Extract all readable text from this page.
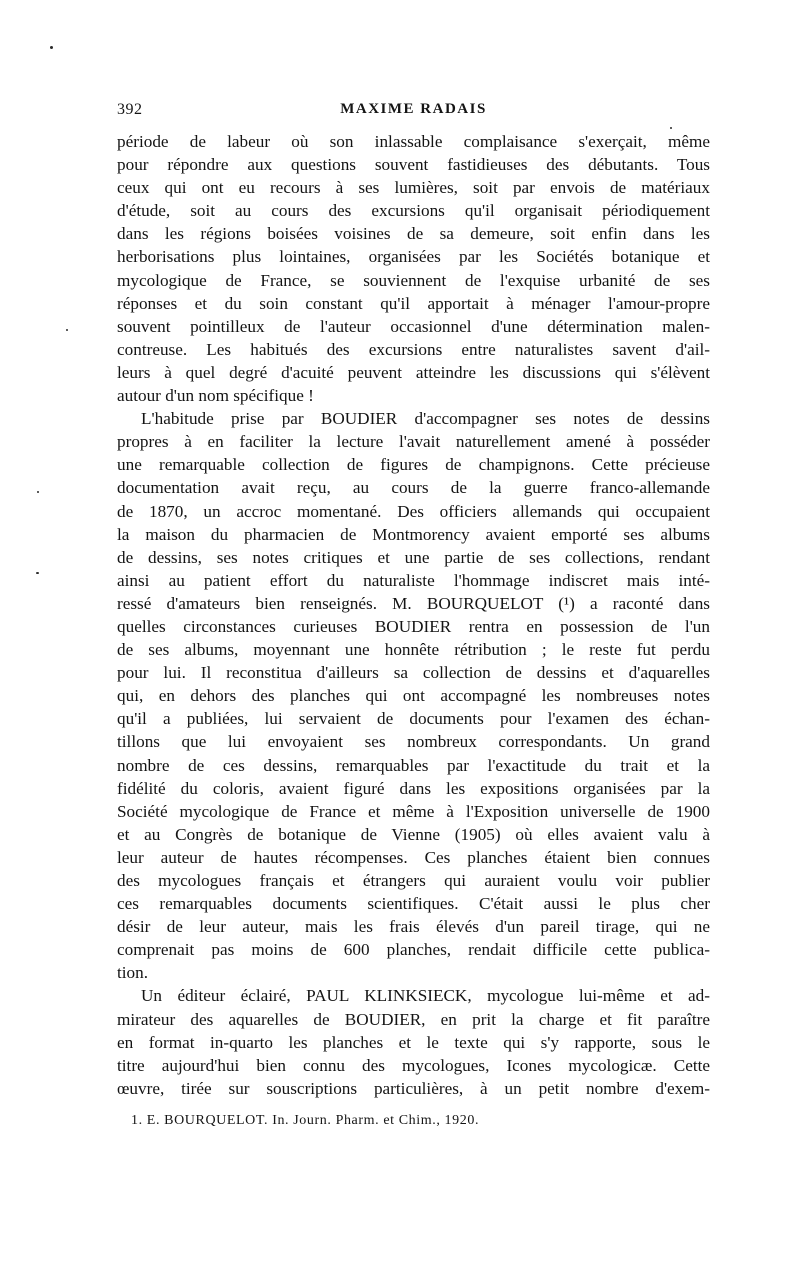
392	MAXIME RADAIS
période de labeur où son inlassable complaisance s'exerçait, même
pour répondre aux questions souvent fastidieuses des débutants. Tous
ceux qui ont eu recours à ses lumières, soit par envois de matériaux
d'étude, soit au cours des excursions qu'il organisait périodiquement
dans les régions boisées voisines de sa demeure, soit enfin dans les
herborisations plus lointaines, organisées par les Sociétés botanique et
mycologique de France, se souviennent de l'exquise urbanité de ses
réponses et du soin constant qu'il apportait à ménager l'amour-propre
souvent pointilleux de l'auteur occasionnel d'une détermination malen-
contreuse. Les habitués des excursions entre naturalistes savent d'ail-
leurs à quel degré d'acuité peuvent atteindre les discussions qui s'élèvent
autour d'un nom spécifique !
L'habitude prise par BOUDIER d'accompagner ses notes de dessins
propres à en faciliter la lecture l'avait naturellement amené à posséder
une remarquable collection de figures de champignons. Cette précieuse
documentation avait reçu, au cours de la guerre franco-allemande
de 1870, un accroc momentané. Des officiers allemands qui occupaient
la maison du pharmacien de Montmorency avaient emporté ses albums
de dessins, ses notes critiques et une partie de ses collections, rendant
ainsi au patient effort du naturaliste l'hommage indiscret mais inté-
ressé d'amateurs bien renseignés. M. BOURQUELOT (¹) a raconté dans
quelles circonstances curieuses BOUDIER rentra en possession de l'un
de ses albums, moyennant une honnête rétribution ; le reste fut perdu
pour lui. Il reconstitua d'ailleurs sa collection de dessins et d'aquarelles
qui, en dehors des planches qui ont accompagné les nombreuses notes
qu'il a publiées, lui servaient de documents pour l'examen des échan-
tillons que lui envoyaient ses nombreux correspondants. Un grand
nombre de ces dessins, remarquables par l'exactitude du trait et la
fidélité du coloris, avaient figuré dans les expositions organisées par la
Société mycologique de France et même à l'Exposition universelle de 1900
et au Congrès de botanique de Vienne (1905) où elles avaient valu à
leur auteur de hautes récompenses. Ces planches étaient bien connues
des mycologues français et étrangers qui auraient voulu voir publier
ces remarquables documents scientifiques. C'était aussi le plus cher
désir de leur auteur, mais les frais élevés d'un pareil tirage, qui ne
comprenait pas moins de 600 planches, rendait difficile cette publica-
tion.
Un éditeur éclairé, PAUL KLINKSIECK, mycologue lui-même et ad-
mirateur des aquarelles de BOUDIER, en prit la charge et fit paraître
en format in-quarto les planches et le texte qui s'y rapporte, sous le
titre aujourd'hui bien connu des mycologues, Icones mycologicæ. Cette
œuvre, tirée sur souscriptions particulières, à un petit nombre d'exem-
1. E. BOURQUELOT. In. Journ. Pharm. et Chim., 1920.
